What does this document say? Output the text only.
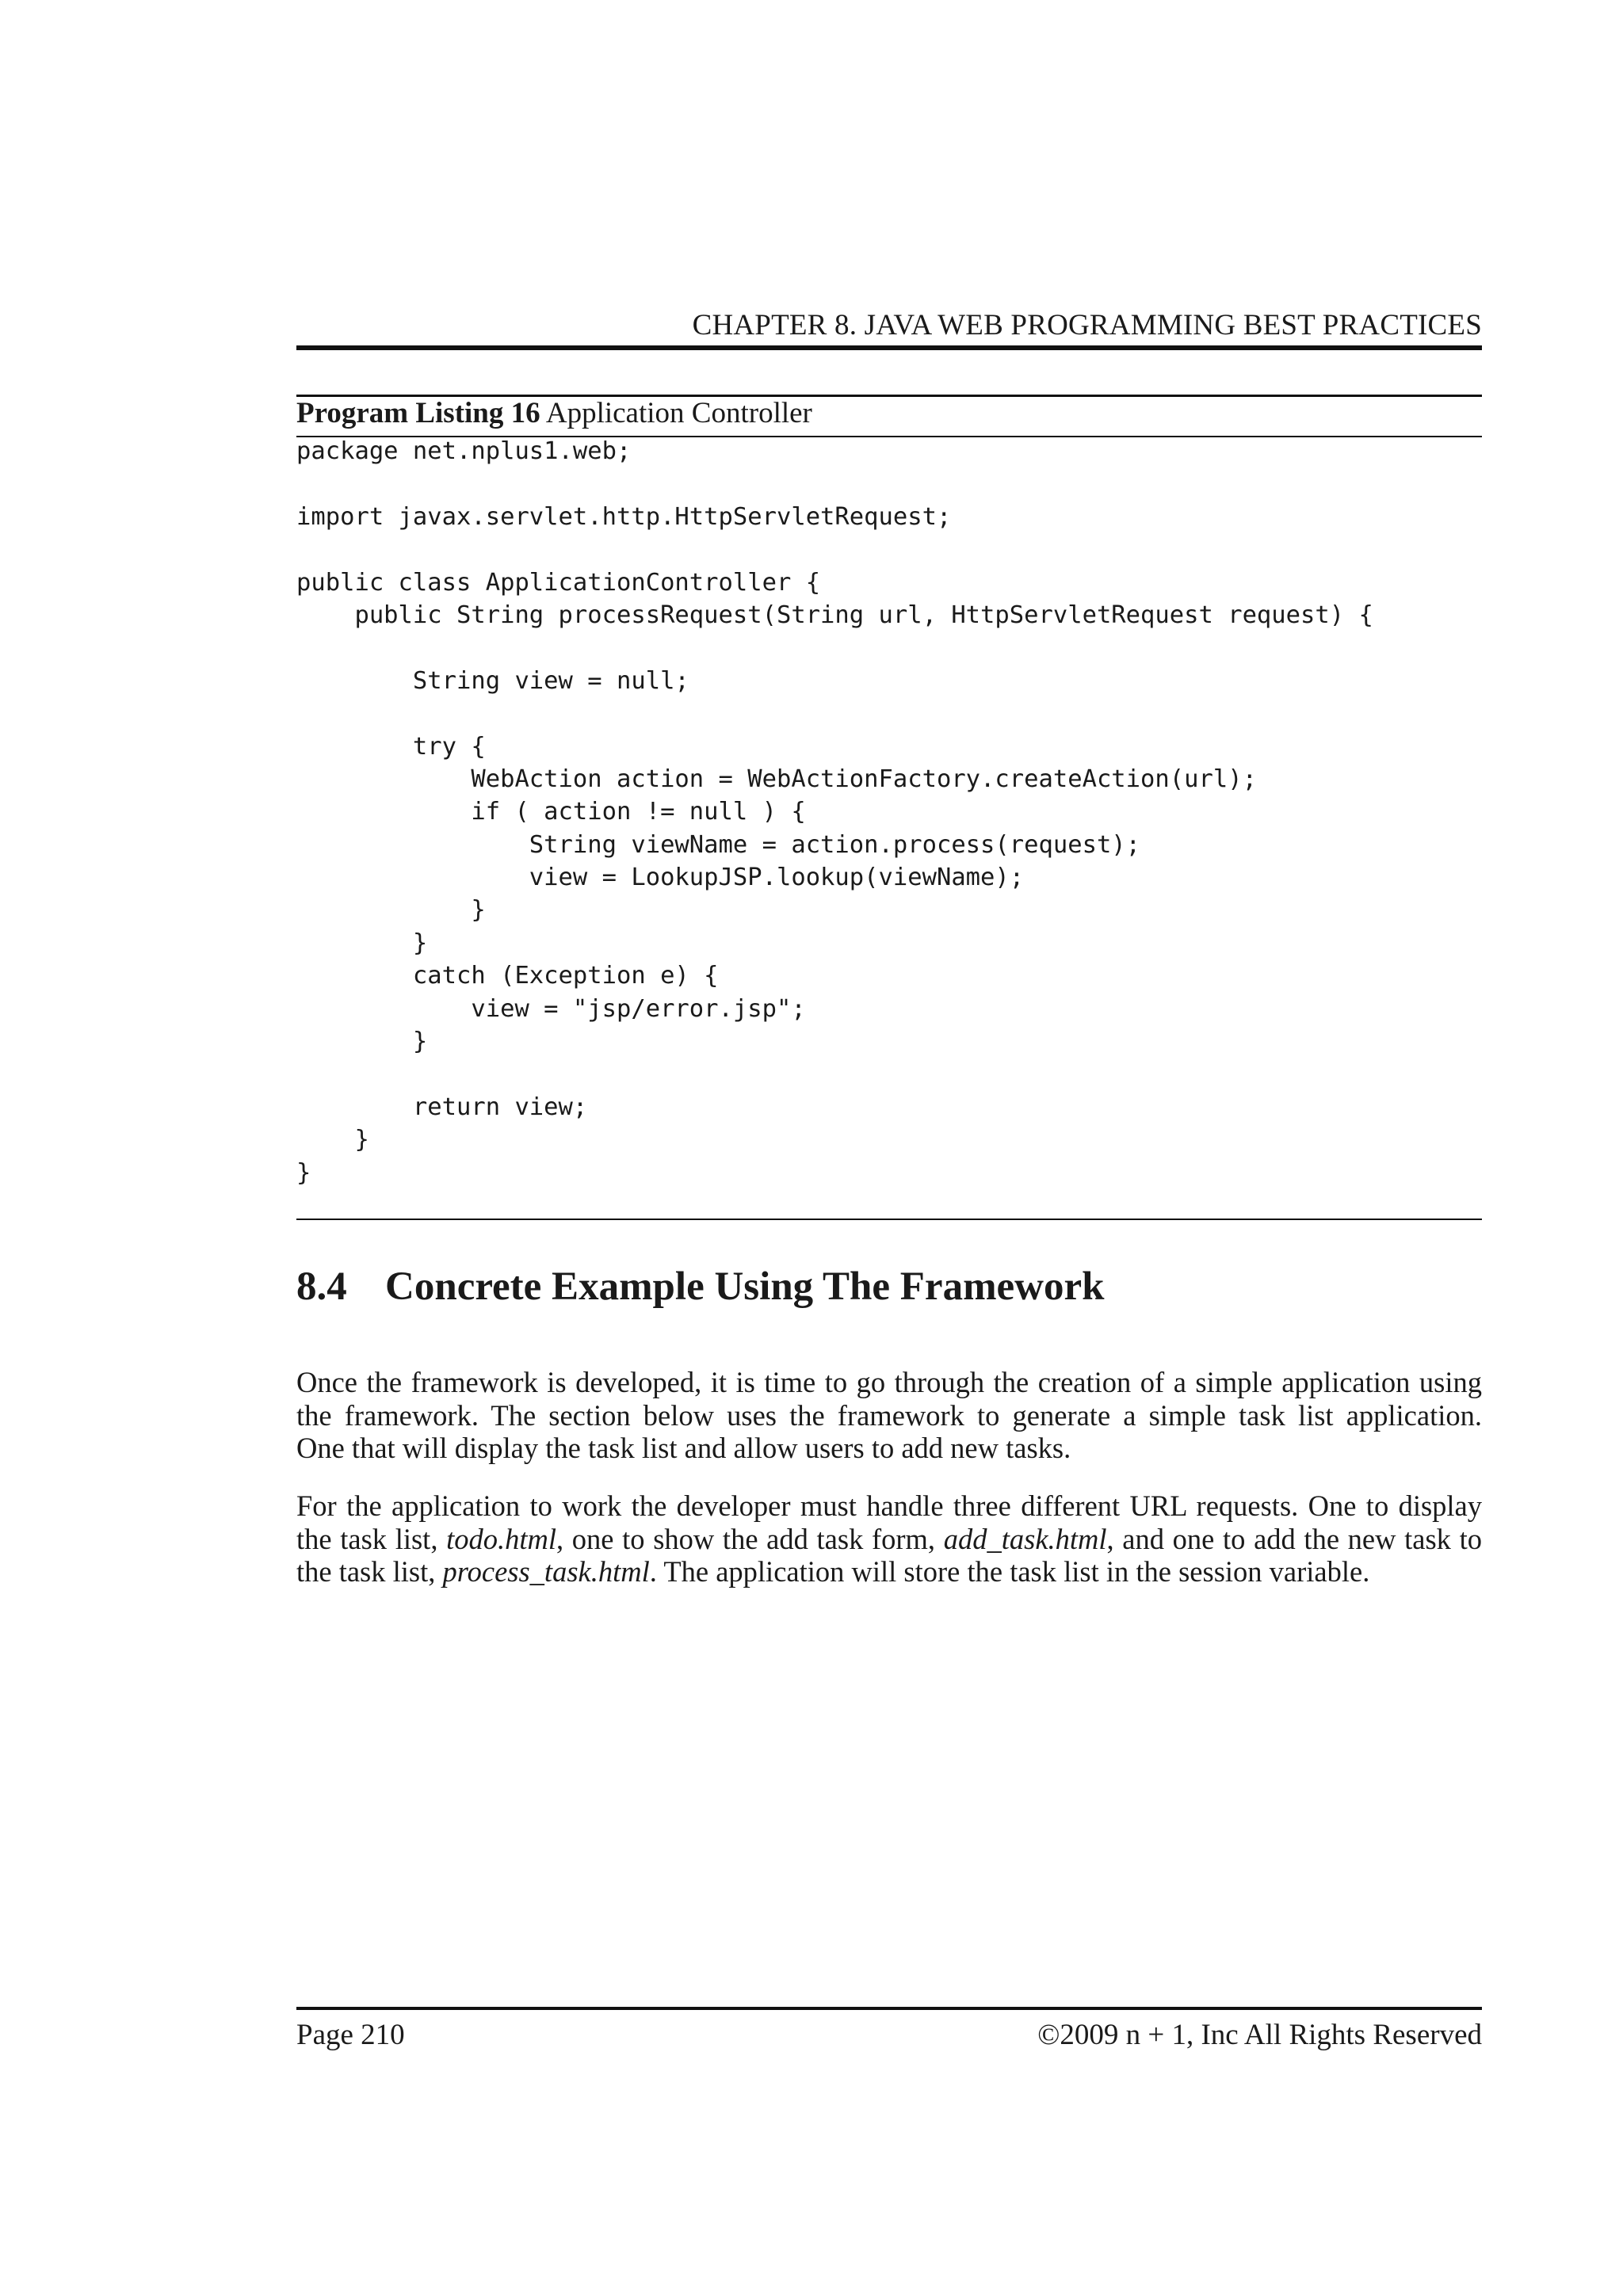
CHAPTER 8. JAVA WEB PROGRAMMING BEST PRACTICES
Program Listing 16 Application Controller
package net.nplus1.web;
import javax.servlet.http.HttpServletRequest;
public class ApplicationController {
public String processRequest(String url, HttpServletRequest request) {
String view = null;
try {
WebAction action = WebActionFactory.createAction(url);
if ( action != null ) {
String viewName = action.process(request);
view = LookupJSP.lookup(viewName);
}
}
catch (Exception e) {
view = "jsp/error.jsp";
}
return view;
}
}
8.4 Concrete Example Using The Framework
Once the framework is developed, it is time to go through the creation of a simple application using
the framework. The section below uses the framework to generate a simple task list application.
One that will display the task list and allow users to add new tasks.
For the application to work the developer must handle three different URL requests. One to display
the task list, todo.html, one to show the add task form, add_task.html, and one to add the new task to
the task list, process_task.html. The application will store the task list in the session variable.
Page 210	©2009 n + 1, Inc All Rights Reserved
